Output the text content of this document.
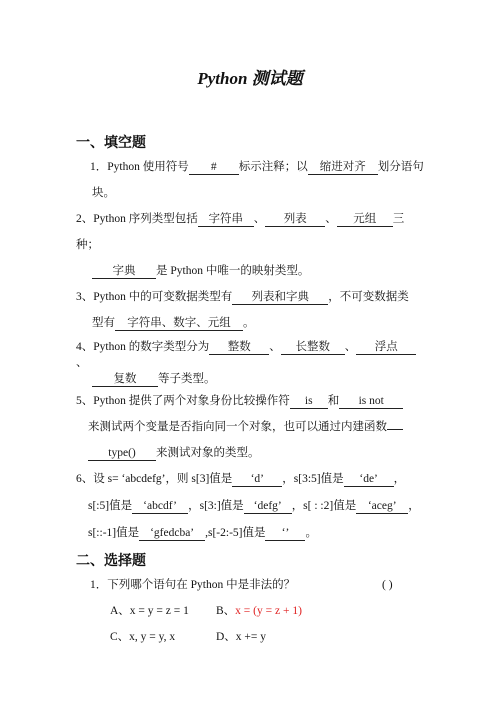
Python 测试题
一、填空题
1．Python 使用符号 # 标示注释；以 缩进对齐 划分语句
块。
2、Python 序列类型包括 字符串 、 列表 、 元组 三
种；
字典 是 Python 中唯一的映射类型。
3、Python 中的可变数据类型有 列表和字典 ，不可变数据类
型有 字符串、数字、元组 。
4、Python 的数字类型分为 整数 、 长整数 、 浮点
、
复数 等子类型。
5、Python 提供了两个对象身份比较操作符 is 和 is not
来测试两个变量是否指向同一个对象，也可以通过内建函数
type() 来测试对象的类型。
6、设 s= ‘abcdefg’，则 s[3]值是 ‘d’ ，s[3:5]值是 ‘de’ ，
s[:5]值是 ‘abcdf’ ，s[3:]值是 ‘defg’ ，s[ : :2]值是 ‘aceg’ ，
s[::-1]值是 ‘gfedcba’ ,s[-2:-5]值是 ‘’ 。
二、选择题
1．下列哪个语句在 Python 中是非法的？	( )
A、x = y = z = 1 B、x = (y = z + 1)
C、x, y = y, x	D、x += y
